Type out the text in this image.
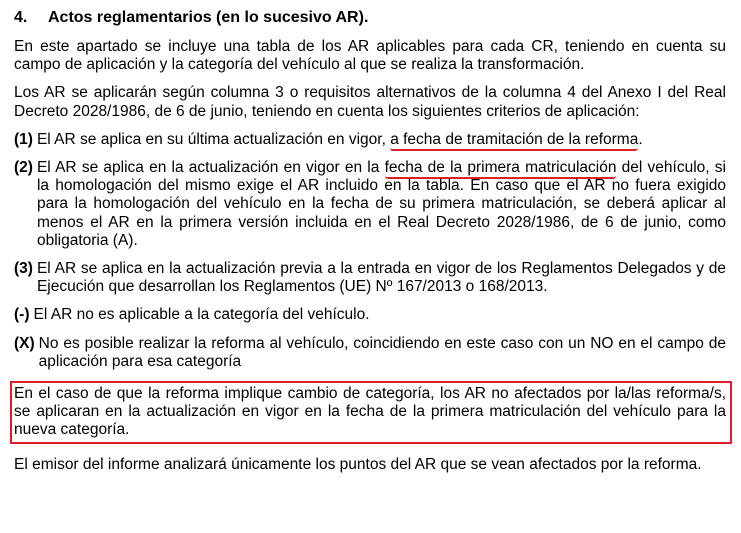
4. Actos reglamentarios (en lo sucesivo AR).

En este apartado se incluye una tabla de los AR aplicables para cada CR, teniendo en cuenta su campo de aplicación y la categoría del vehículo al que se realiza la transformación.

Los AR se aplicarán según columna 3 o requisitos alternativos de la columna 4 del Anexo I del Real Decreto 2028/1986, de 6 de junio, teniendo en cuenta los siguientes criterios de aplicación:

(1) El AR se aplica en su última actualización en vigor, a fecha de tramitación de la reforma.
(2) El AR se aplica en la actualización en vigor en la fecha de la primera matriculación del vehículo, si la homologación del mismo exige el AR incluido en la tabla. En caso que el AR no fuera exigido para la homologación del vehículo en la fecha de su primera matriculación, se deberá aplicar al menos el AR en la primera versión incluida en el Real Decreto 2028/1986, de 6 de junio, como obligatoria (A).
(3) El AR se aplica en la actualización previa a la entrada en vigor de los Reglamentos Delegados y de Ejecución que desarrollan los Reglamentos (UE) Nº 167/2013 o 168/2013.
(-) El AR no es aplicable a la categoría del vehículo.
(X) No es posible realizar la reforma al vehículo, coincidiendo en este caso con un NO en el campo de aplicación para esa categoría

En el caso de que la reforma implique cambio de categoría, los AR no afectados por la/las reforma/s, se aplicaran en la actualización en vigor en la fecha de la primera matriculación del vehículo para la nueva categoría.

El emisor del informe analizará únicamente los puntos del AR que se vean afectados por la reforma.
